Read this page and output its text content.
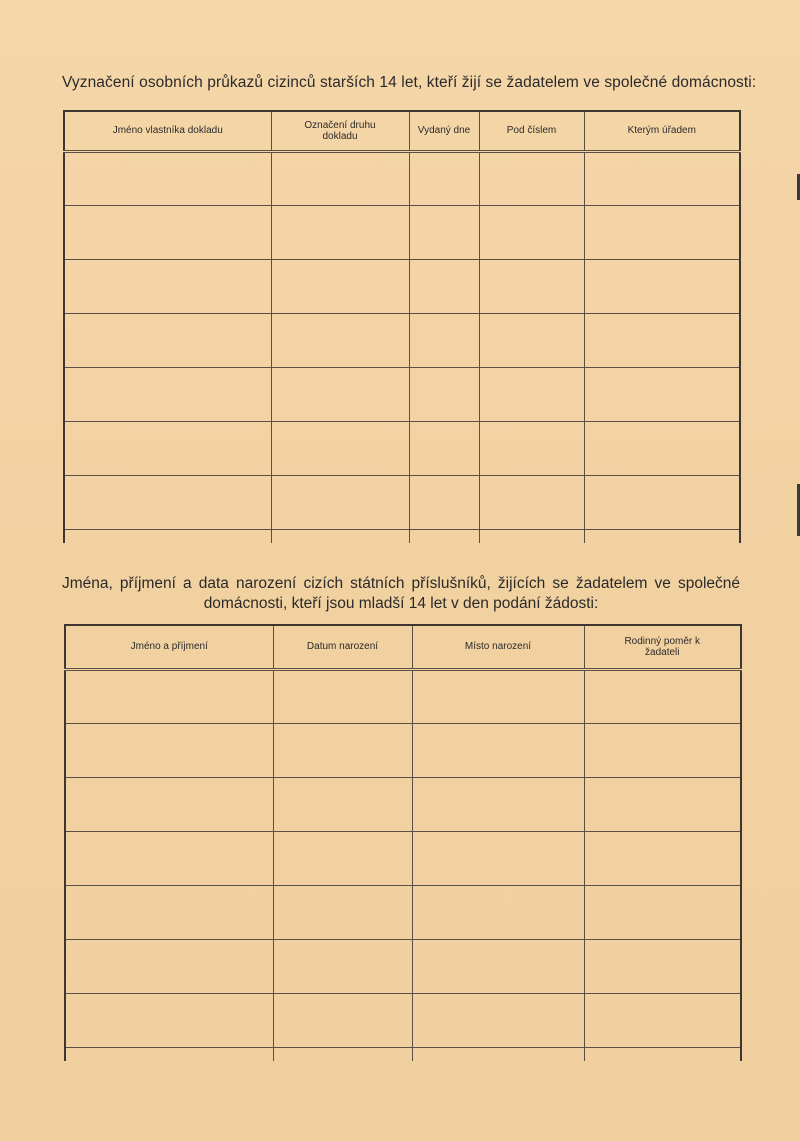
Vyznačení osobních průkazů cizinců starších 14 let, kteří žijí se žadatelem ve společné domácnosti:
Jméno vlastníka dokladu	Označení druhu dokladu	Vydaný dne	Pod číslem	Kterým úřadem

Jména, příjmení a data narození cizích státních příslušníků, žijících se žadatelem ve společné
domácnosti, kteří jsou mladší 14 let v den podání žádosti:
Jméno a příjmení	Datum narození	Místo narození	Rodinný poměr k žadateli
